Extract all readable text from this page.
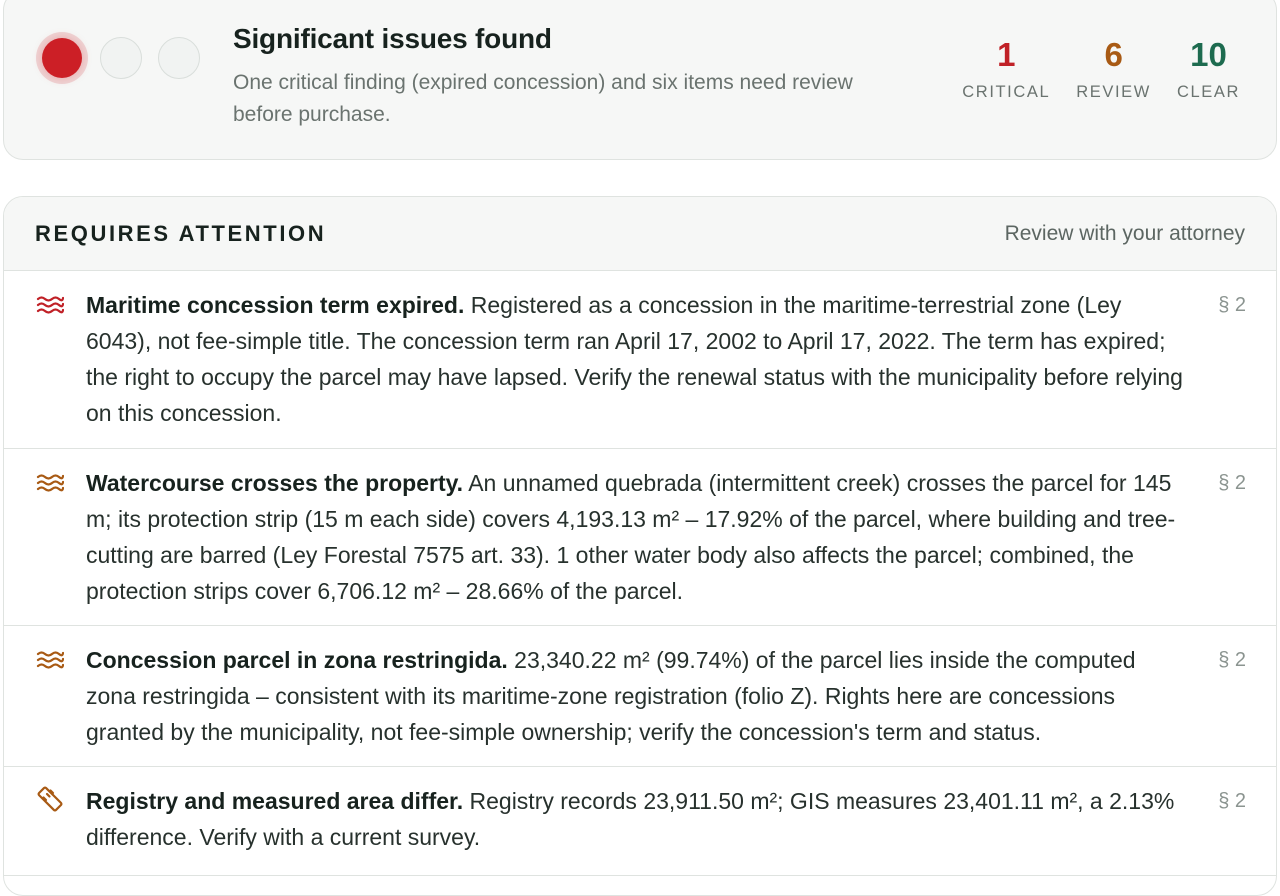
Significant issues found
One critical finding (expired concession) and six items need review before purchase.
1
CRITICAL
6
REVIEW
10
CLEAR
REQUIRES ATTENTION	Review with your attorney
Maritime concession term expired. Registered as a concession in the maritime-terrestrial zone (Ley 6043), not fee-simple title. The concession term ran April 17, 2002 to April 17, 2022. The term has expired; the right to occupy the parcel may have lapsed. Verify the renewal status with the municipality before relying on this concession.
§ 2
Watercourse crosses the property. An unnamed quebrada (intermittent creek) crosses the parcel for 145 m; its protection strip (15 m each side) covers 4,193.13 m² – 17.92% of the parcel, where building and tree-cutting are barred (Ley Forestal 7575 art. 33). 1 other water body also affects the parcel; combined, the protection strips cover 6,706.12 m² – 28.66% of the parcel.
§ 2
Concession parcel in zona restringida. 23,340.22 m² (99.74%) of the parcel lies inside the computed zona restringida – consistent with its maritime-zone registration (folio Z). Rights here are concessions granted by the municipality, not fee-simple ownership; verify the concession's term and status.
§ 2
Registry and measured area differ. Registry records 23,911.50 m²; GIS measures 23,401.11 m², a 2.13% difference. Verify with a current survey.
§ 2
